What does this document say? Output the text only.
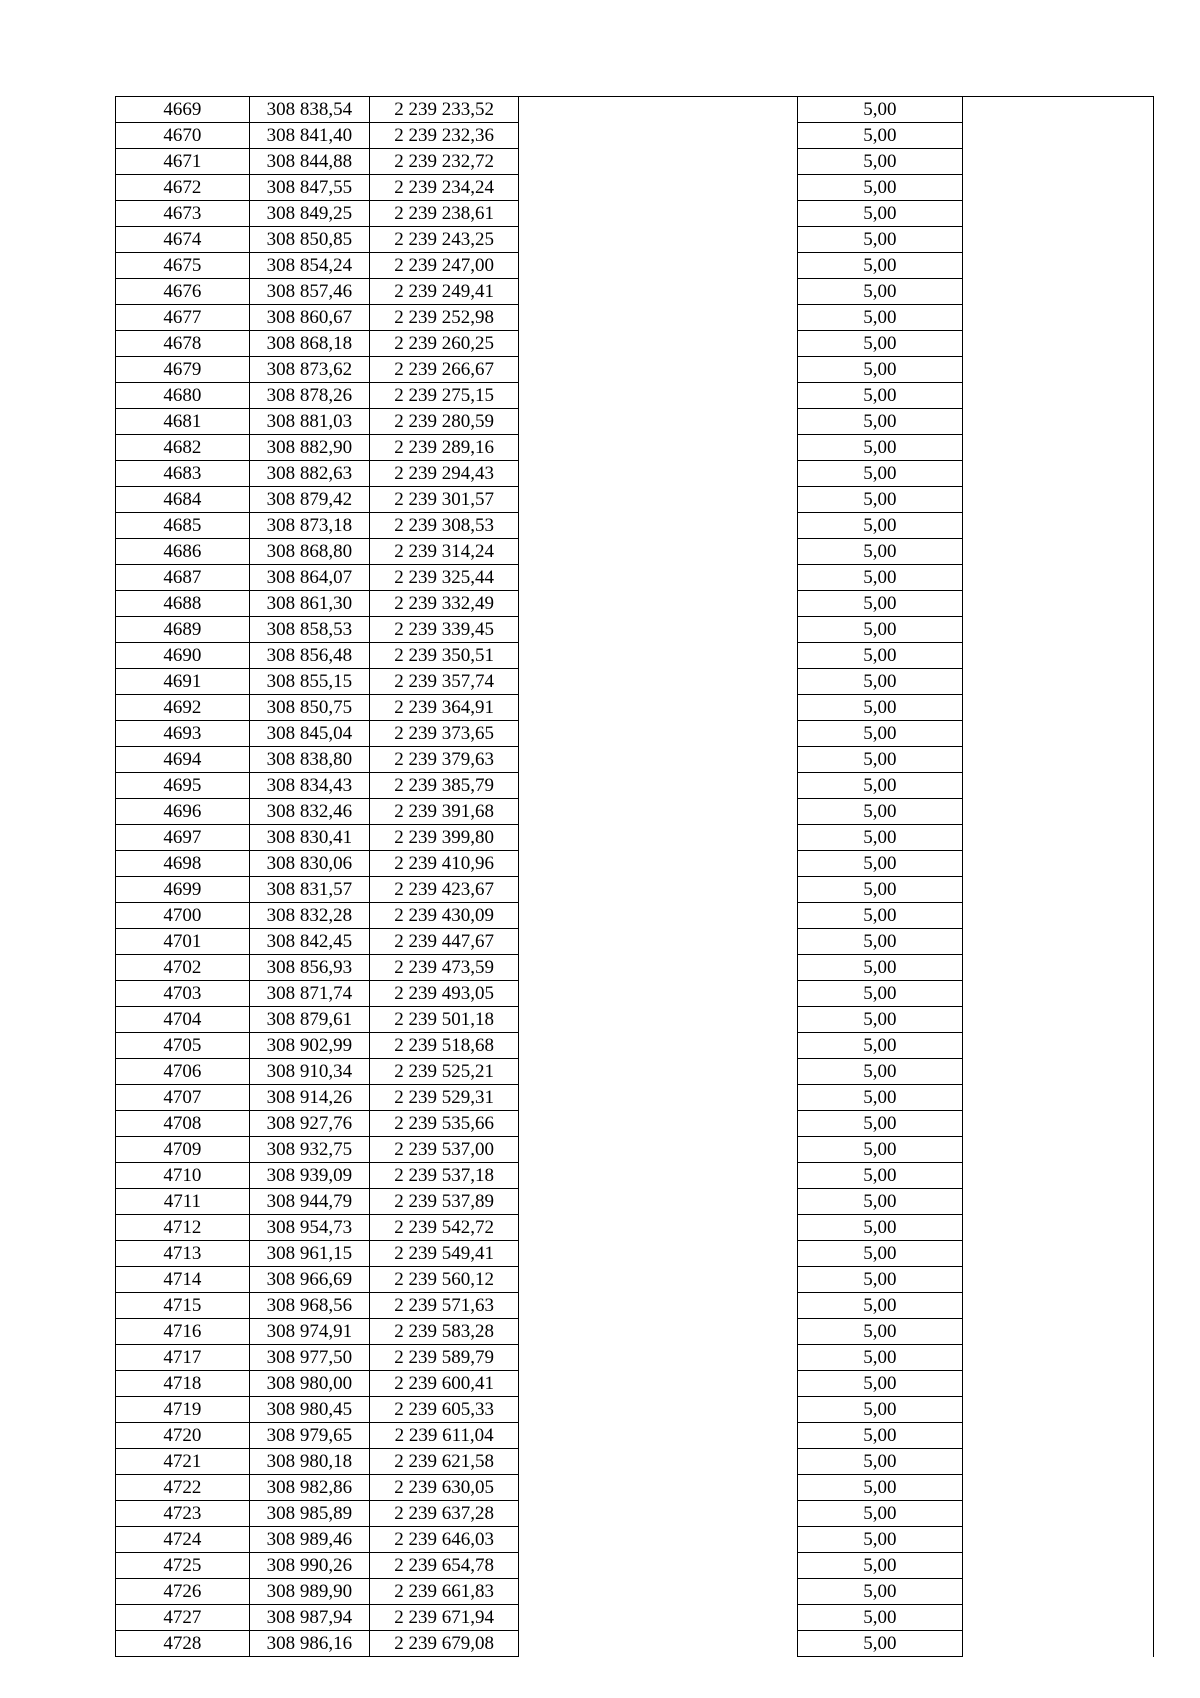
4669	308 838,54	2 239 233,52		5,00	
4670	308 841,40	2 239 232,36		5,00	
4671	308 844,88	2 239 232,72		5,00	
4672	308 847,55	2 239 234,24		5,00	
4673	308 849,25	2 239 238,61		5,00	
4674	308 850,85	2 239 243,25		5,00	
4675	308 854,24	2 239 247,00		5,00	
4676	308 857,46	2 239 249,41		5,00	
4677	308 860,67	2 239 252,98		5,00	
4678	308 868,18	2 239 260,25		5,00	
4679	308 873,62	2 239 266,67		5,00	
4680	308 878,26	2 239 275,15		5,00	
4681	308 881,03	2 239 280,59		5,00	
4682	308 882,90	2 239 289,16		5,00	
4683	308 882,63	2 239 294,43		5,00	
4684	308 879,42	2 239 301,57		5,00	
4685	308 873,18	2 239 308,53		5,00	
4686	308 868,80	2 239 314,24		5,00	
4687	308 864,07	2 239 325,44		5,00	
4688	308 861,30	2 239 332,49		5,00	
4689	308 858,53	2 239 339,45		5,00	
4690	308 856,48	2 239 350,51		5,00	
4691	308 855,15	2 239 357,74		5,00	
4692	308 850,75	2 239 364,91		5,00	
4693	308 845,04	2 239 373,65		5,00	
4694	308 838,80	2 239 379,63		5,00	
4695	308 834,43	2 239 385,79		5,00	
4696	308 832,46	2 239 391,68		5,00	
4697	308 830,41	2 239 399,80		5,00	
4698	308 830,06	2 239 410,96		5,00	
4699	308 831,57	2 239 423,67		5,00	
4700	308 832,28	2 239 430,09		5,00	
4701	308 842,45	2 239 447,67		5,00	
4702	308 856,93	2 239 473,59		5,00	
4703	308 871,74	2 239 493,05		5,00	
4704	308 879,61	2 239 501,18		5,00	
4705	308 902,99	2 239 518,68		5,00	
4706	308 910,34	2 239 525,21		5,00	
4707	308 914,26	2 239 529,31		5,00	
4708	308 927,76	2 239 535,66		5,00	
4709	308 932,75	2 239 537,00		5,00	
4710	308 939,09	2 239 537,18		5,00	
4711	308 944,79	2 239 537,89		5,00	
4712	308 954,73	2 239 542,72		5,00	
4713	308 961,15	2 239 549,41		5,00	
4714	308 966,69	2 239 560,12		5,00	
4715	308 968,56	2 239 571,63		5,00	
4716	308 974,91	2 239 583,28		5,00	
4717	308 977,50	2 239 589,79		5,00	
4718	308 980,00	2 239 600,41		5,00	
4719	308 980,45	2 239 605,33		5,00	
4720	308 979,65	2 239 611,04		5,00	
4721	308 980,18	2 239 621,58		5,00	
4722	308 982,86	2 239 630,05		5,00	
4723	308 985,89	2 239 637,28		5,00	
4724	308 989,46	2 239 646,03		5,00	
4725	308 990,26	2 239 654,78		5,00	
4726	308 989,90	2 239 661,83		5,00	
4727	308 987,94	2 239 671,94		5,00	
4728	308 986,16	2 239 679,08		5,00	
